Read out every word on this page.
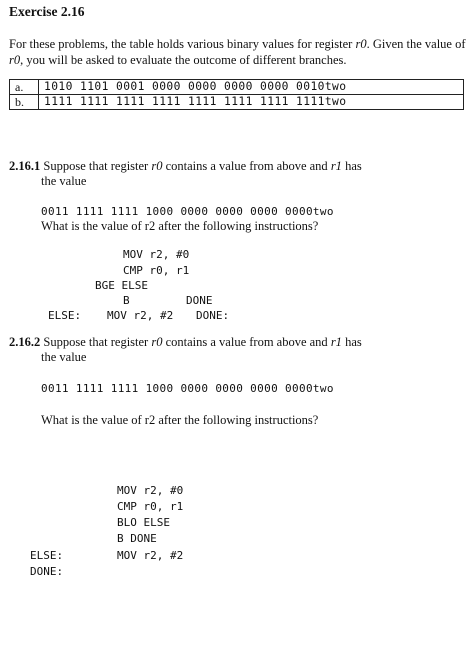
Exercise 2.16
For these problems, the table holds various binary values for register r0. Given the value of
r0, you will be asked to evaluate the outcome of different branches.
a.	1010 1101 0001 0000 0000 0000 0000 0010two
b.	1111 1111 1111 1111 1111 1111 1111 1111two
2.16.1 Suppose that register r0 contains a value from above and r1 has
the value
0011 1111 1111 1000 0000 0000 0000 0000two
What is the value of r2 after the following instructions?
MOV r2, #0
CMP r0, r1
BGE ELSE
B	DONE
ELSE: MOV r2, #2 DONE:
2.16.2 Suppose that register r0 contains a value from above and r1 has
the value
0011 1111 1111 1000 0000 0000 0000 0000two
What is the value of r2 after the following instructions?
MOV r2, #0
CMP r0, r1
BLO ELSE
B DONE
ELSE:	MOV r2, #2
DONE:
